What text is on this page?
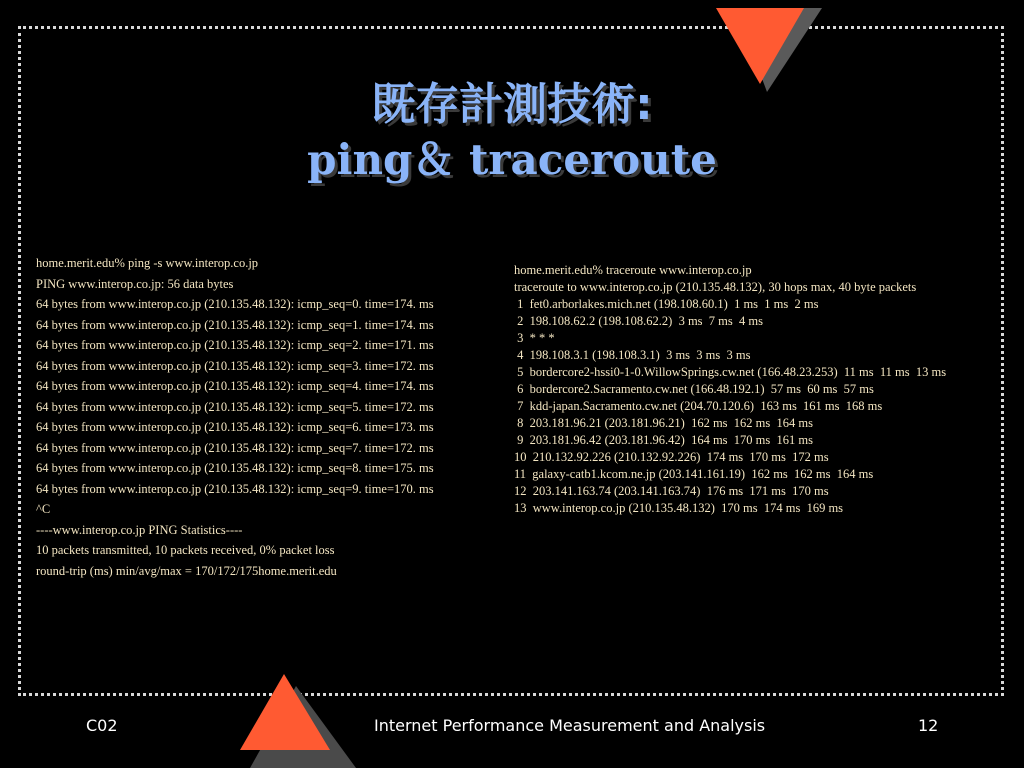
既存計測技術:
ping＆ traceroute
home.merit.edu% ping -s www.interop.co.jp
PING www.interop.co.jp: 56 data bytes
64 bytes from www.interop.co.jp (210.135.48.132): icmp_seq=0. time=174. ms
64 bytes from www.interop.co.jp (210.135.48.132): icmp_seq=1. time=174. ms
64 bytes from www.interop.co.jp (210.135.48.132): icmp_seq=2. time=171. ms
64 bytes from www.interop.co.jp (210.135.48.132): icmp_seq=3. time=172. ms
64 bytes from www.interop.co.jp (210.135.48.132): icmp_seq=4. time=174. ms
64 bytes from www.interop.co.jp (210.135.48.132): icmp_seq=5. time=172. ms
64 bytes from www.interop.co.jp (210.135.48.132): icmp_seq=6. time=173. ms
64 bytes from www.interop.co.jp (210.135.48.132): icmp_seq=7. time=172. ms
64 bytes from www.interop.co.jp (210.135.48.132): icmp_seq=8. time=175. ms
64 bytes from www.interop.co.jp (210.135.48.132): icmp_seq=9. time=170. ms
^C
----www.interop.co.jp PING Statistics----
10 packets transmitted, 10 packets received, 0% packet loss
round-trip (ms) min/avg/max = 170/172/175home.merit.edu
home.merit.edu% traceroute www.interop.co.jp
traceroute to www.interop.co.jp (210.135.48.132), 30 hops max, 40 byte packets
1  fet0.arborlakes.mich.net (198.108.60.1)  1 ms  1 ms  2 ms
2  198.108.62.2 (198.108.62.2)  3 ms  7 ms  4 ms
3  * * *
4  198.108.3.1 (198.108.3.1)  3 ms  3 ms  3 ms
5  bordercore2-hssi0-1-0.WillowSprings.cw.net (166.48.23.253)  11 ms  11 ms  13 ms
6  bordercore2.Sacramento.cw.net (166.48.192.1)  57 ms  60 ms  57 ms
7  kdd-japan.Sacramento.cw.net (204.70.120.6)  163 ms  161 ms  168 ms
8  203.181.96.21 (203.181.96.21)  162 ms  162 ms  164 ms
9  203.181.96.42 (203.181.96.42)  164 ms  170 ms  161 ms
10  210.132.92.226 (210.132.92.226)  174 ms  170 ms  172 ms
11  galaxy-catb1.kcom.ne.jp (203.141.161.19)  162 ms  162 ms  164 ms
12  203.141.163.74 (203.141.163.74)  176 ms  171 ms  170 ms
13  www.interop.co.jp (210.135.48.132)  170 ms  174 ms  169 ms
C02	Internet Performance Measurement and Analysis	12
